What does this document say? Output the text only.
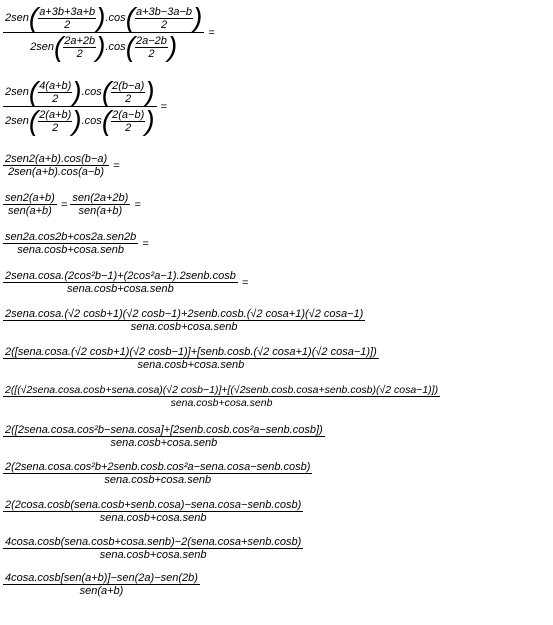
$\frac{2sen( \frac{a+3b+3a+b}{2} ).\cos( \frac{a+3b-3a-b}{2} )}{2sen( \frac{2a+2b}{2} ).\cos( \frac{2a-2b}{2} )}$ =
$\frac{2sen( \frac{4(a+b)}{2} ).\cos( \frac{2(b-a)}{2} )}{2sen( \frac{2(a+b)}{2} ).\cos( \frac{2(a-b)}{2} )}$ =
$\frac{\text{2sen2(a+b).cos(b−a)}}{\text{2sen(a+b).cos(a−b)}}$ =
$\frac{\text{sen2(a+b)}}{\text{sen(a+b)}} = \frac{\text{sen(2a+2b)}}{\text{sen(a+b)}}$ =
$\frac{\text{sen2a.cos2b+cos2a.sen2b}}{\text{sena.cosb+cosa.senb}}$ =
$\frac{\text{2sena.cosa.(2cos²b−1)+(2cos²a−1).2senb.cosb}}{\text{sena.cosb+cosa.senb}}$ =
2sena.cosa.(√2 cosb+1)(√2 cosb−1)+2senb.cosb.(√2 cosa+1)(√2 cosa−1)
sena.cosb+cosa.senb
2([sena.cosa.(√2 cosb+1)(√2 cosb−1)]+[senb.cosb.(√2 cosa+1)(√2 cosa−1)])
sena.cosb+cosa.senb
2([(√2sena.cosa.cosb+sena.cosa)(√2 cosb−1)]+[(√2senb.cosb.cosa+senb.cosb)(√2 cosa−1)])
sena.cosb+cosa.senb
$\frac{\text{2([2sena.cosa.cos²b−sena.cosa]+[2senb.cosb.cos²a−senb.cosb])}}{\text{sena.cosb+cosa.senb}}$
$\frac{\text{2(2sena.cosa.cos²b+2senb.cosb.cos²a−sena.cosa−senb.cosb)}}{\text{sena.cosb+cosa.senb}}$
$\frac{\text{2(2cosa.cosb(sena.cosb+senb.cosa)−sena.cosa−senb.cosb)}}{\text{sena.cosb+cosa.senb}}$
$\frac{\text{4cosa.cosb(sena.cosb+cosa.senb)−2(sena.cosa+senb.cosb)}}{\text{sena.cosb+cosa.senb}}$
$\frac{\text{4cosa.cosb[sen(a+b)]−sen(2a)−sen(2b)}}{\text{sen(a+b)}}$
